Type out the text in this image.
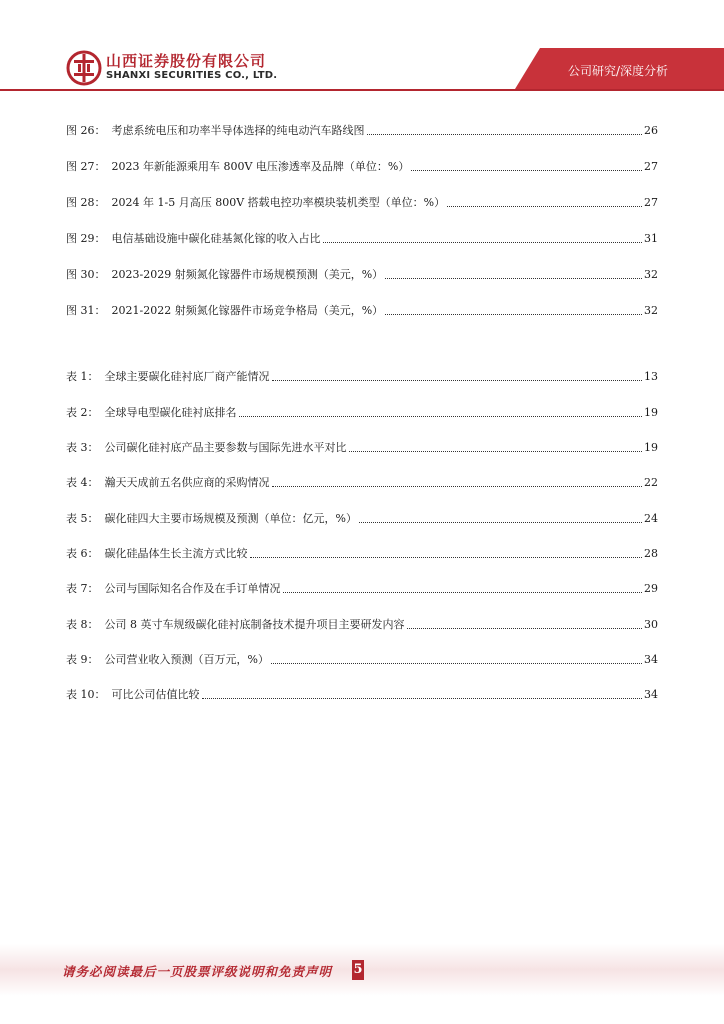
山西证券股份有限公司
SHANXI SECURITIES CO., LTD.	公司研究/深度分析
图 26： 考虑系统电压和功率半导体选择的纯电动汽车路线图	26
图 27： 2023 年新能源乘用车 800V 电压渗透率及品牌（单位：%）	27
图 28： 2024 年 1-5 月高压 800V 搭载电控功率模块装机类型（单位：%）	27
图 29： 电信基础设施中碳化硅基氮化镓的收入占比	31
图 30： 2023-2029 射频氮化镓器件市场规模预测（美元，%）	32
图 31： 2021-2022 射频氮化镓器件市场竞争格局（美元，%）	32
表 1： 全球主要碳化硅衬底厂商产能情况	13
表 2： 全球导电型碳化硅衬底排名	19
表 3： 公司碳化硅衬底产品主要参数与国际先进水平对比	19
表 4： 瀚天天成前五名供应商的采购情况	22
表 5： 碳化硅四大主要市场规模及预测（单位：亿元，%）	24
表 6： 碳化硅晶体生长主流方式比较	28
表 7： 公司与国际知名合作及在手订单情况	29
表 8： 公司 8 英寸车规级碳化硅衬底制备技术提升项目主要研发内容	30
表 9： 公司营业收入预测（百万元，%）	34
表 10： 可比公司估值比较	34
请务必阅读最后一页股票评级说明和免责声明 5
